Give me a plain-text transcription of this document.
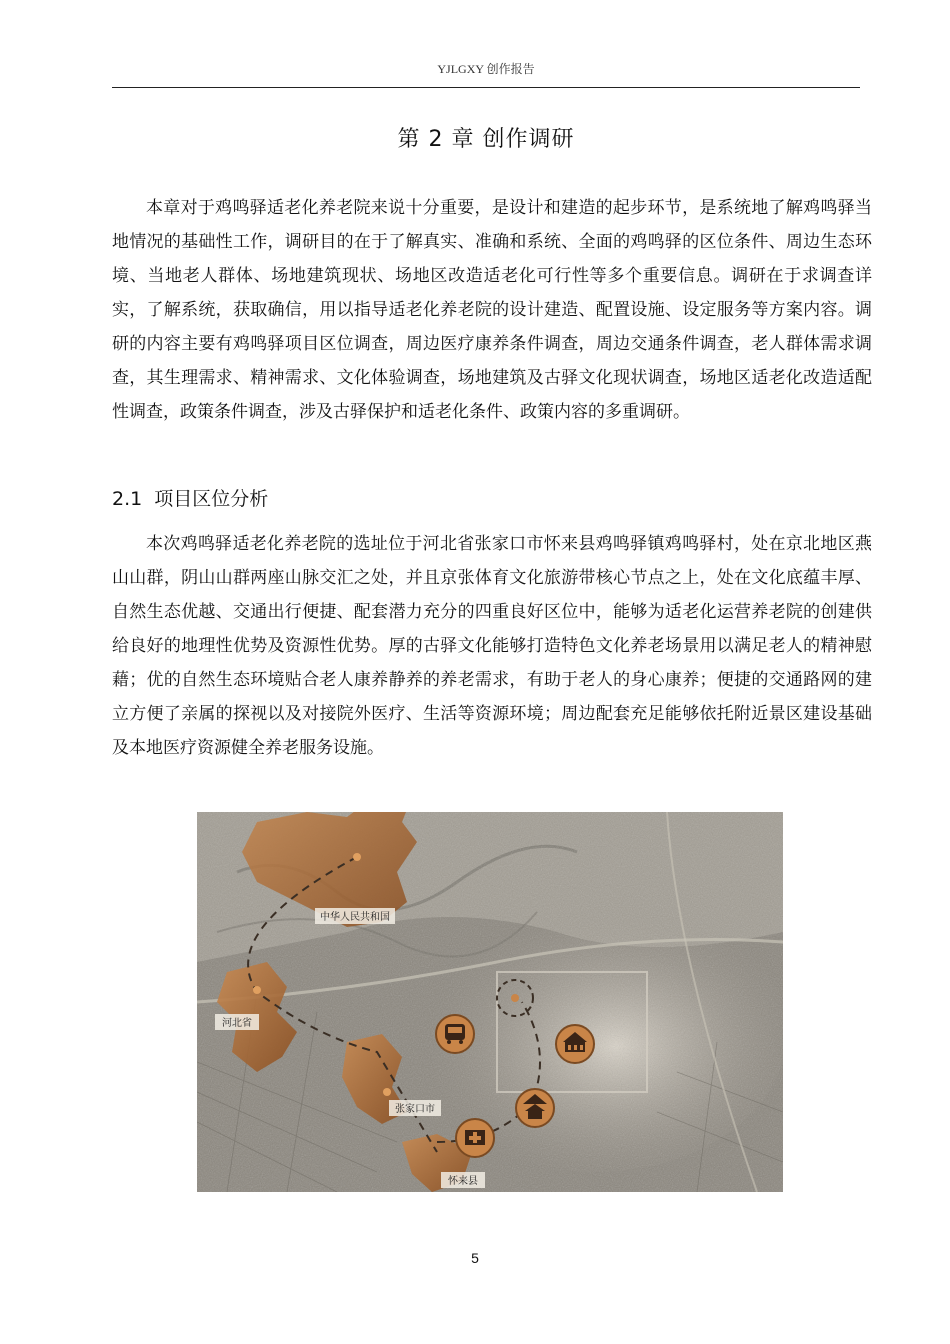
YJLGXY 创作报告
第 2 章 创作调研

本章对于鸡鸣驿适老化养老院来说十分重要，是设计和建造的起步环节，是系统地了解鸡鸣驿当地情况的基础性工作，调研目的在于了解真实、准确和系统、全面的鸡鸣驿的区位条件、周边生态环境、当地老人群体、场地建筑现状、场地区改造适老化可行性等多个重要信息。调研在于求调查详实，了解系统，获取确信，用以指导适老化养老院的设计建造、配置设施、设定服务等方案内容。调研的内容主要有鸡鸣驿项目区位调查，周边医疗康养条件调查，周边交通条件调查，老人群体需求调查，其生理需求、精神需求、文化体验调查，场地建筑及古驿文化现状调查，场地区适老化改造适配性调查，政策条件调查，涉及古驿保护和适老化条件、政策内容的多重调研。

2.1 项目区位分析

本次鸡鸣驿适老化养老院的选址位于河北省张家口市怀来县鸡鸣驿镇鸡鸣驿村，处在京北地区燕山山群，阴山山群两座山脉交汇之处，并且京张体育文化旅游带核心节点之上，处在文化底蕴丰厚、自然生态优越、交通出行便捷、配套潜力充分的四重良好区位中，能够为适老化运营养老院的创建供给良好的地理性优势及资源性优势。厚的古驿文化能够打造特色文化养老场景用以满足老人的精神慰藉；优的自然生态环境贴合老人康养静养的养老需求，有助于老人的身心康养；便捷的交通路网的建立方便了亲属的探视以及对接院外医疗、生活等资源环境；周边配套充足能够依托附近景区建设基础及本地医疗资源健全养老服务设施。

中华人民共和国
河北省
张家口市
怀来县
5
